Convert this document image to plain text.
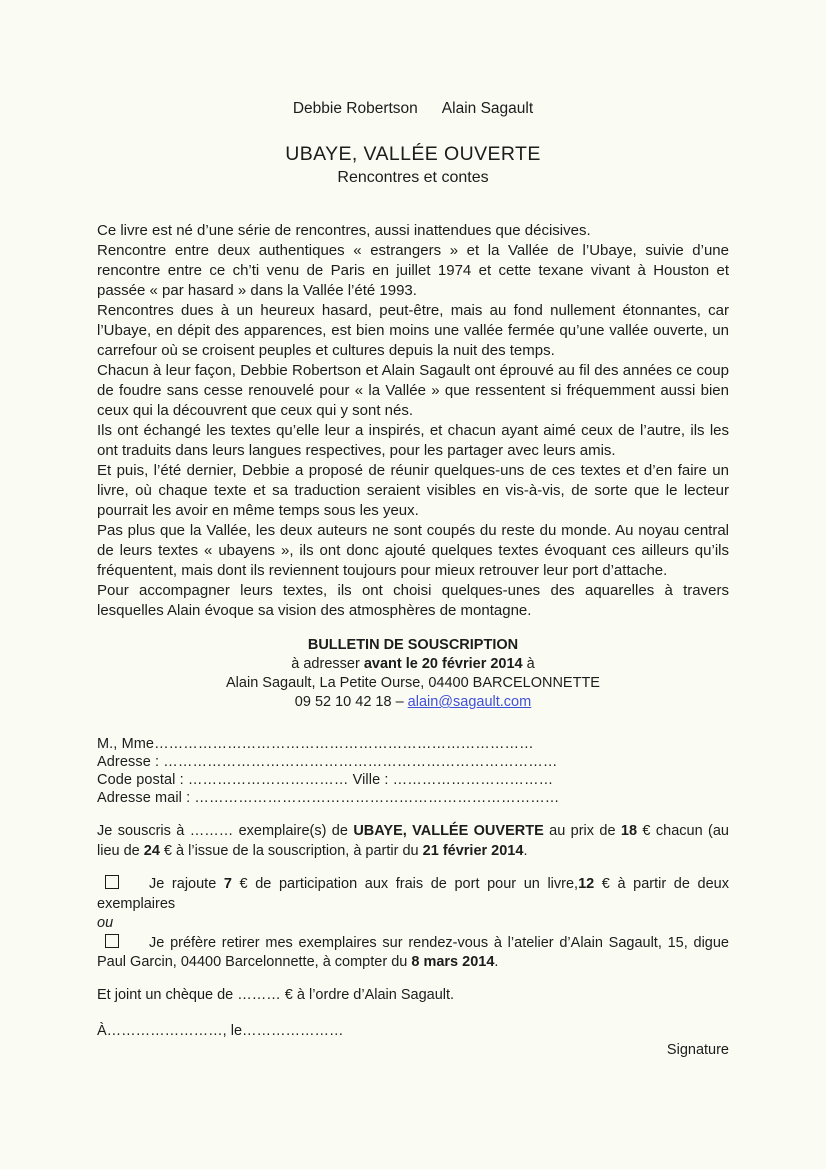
Debbie Robertson Alain Sagault
UBAYE, VALLÉE OUVERTE
Rencontres et contes

Ce livre est né d’une série de rencontres, aussi inattendues que décisives.

Rencontre entre deux authentiques « estrangers » et la Vallée de l’Ubaye, suivie d’une rencontre entre ce ch’ti venu de Paris en juillet 1974 et cette texane vivant à Houston et passée « par hasard » dans la Vallée l’été 1993.

Rencontres dues à un heureux hasard, peut-être, mais au fond nullement étonnantes, car l’Ubaye, en dépit des apparences, est bien moins une vallée fermée qu’une vallée ouverte, un carrefour où se croisent peuples et cultures depuis la nuit des temps.

Chacun à leur façon, Debbie Robertson et Alain Sagault ont éprouvé au fil des années ce coup de foudre sans cesse renouvelé pour « la Vallée » que ressentent si fréquemment aussi bien ceux qui la découvrent que ceux qui y sont nés.

Ils ont échangé les textes qu’elle leur a inspirés, et chacun ayant aimé ceux de l’autre, ils les ont traduits dans leurs langues respectives, pour les partager avec leurs amis.

Et puis, l’été dernier, Debbie a proposé de réunir quelques-uns de ces textes et d’en faire un livre, où chaque texte et sa traduction seraient visibles en vis-à-vis, de sorte que le lecteur pourrait les avoir en même temps sous les yeux.

Pas plus que la Vallée, les deux auteurs ne sont coupés du reste du monde. Au noyau central de leurs textes « ubayens », ils ont donc ajouté quelques textes évoquant ces ailleurs qu’ils fréquentent, mais dont ils reviennent toujours pour mieux retrouver leur port d’attache.

Pour accompagner leurs textes, ils ont choisi quelques-unes des aquarelles à travers lesquelles Alain évoque sa vision des atmosphères de montagne.

BULLETIN DE SOUSCRIPTION
à adresser avant le 20 février 2014 à
Alain Sagault, La Petite Ourse, 04400 BARCELONNETTE
09 52 10 42 18 – alain@sagault.com
M., Mme……………………………………………………………………
Adresse : ………………………………………………………………………
Code postal : …………………………… Ville : ……………………………
Adresse mail : …………………………………………………………………

Je souscris à ……… exemplaire(s) de UBAYE, VALLÉE OUVERTE au prix de 18 € chacun (au lieu de 24 € à l’issue de la souscription, à partir du 21 février 2014.

Je rajoute 7 € de participation aux frais de port pour un livre,12 € à partir de deux exemplaires

ou

Je préfère retirer mes exemplaires sur rendez-vous à l’atelier d’Alain Sagault, 15, digue Paul Garcin, 04400 Barcelonnette, à compter du 8 mars 2014.

Et joint un chèque de ……… € à l’ordre d’Alain Sagault.

À……………………, le…………………

Signature
